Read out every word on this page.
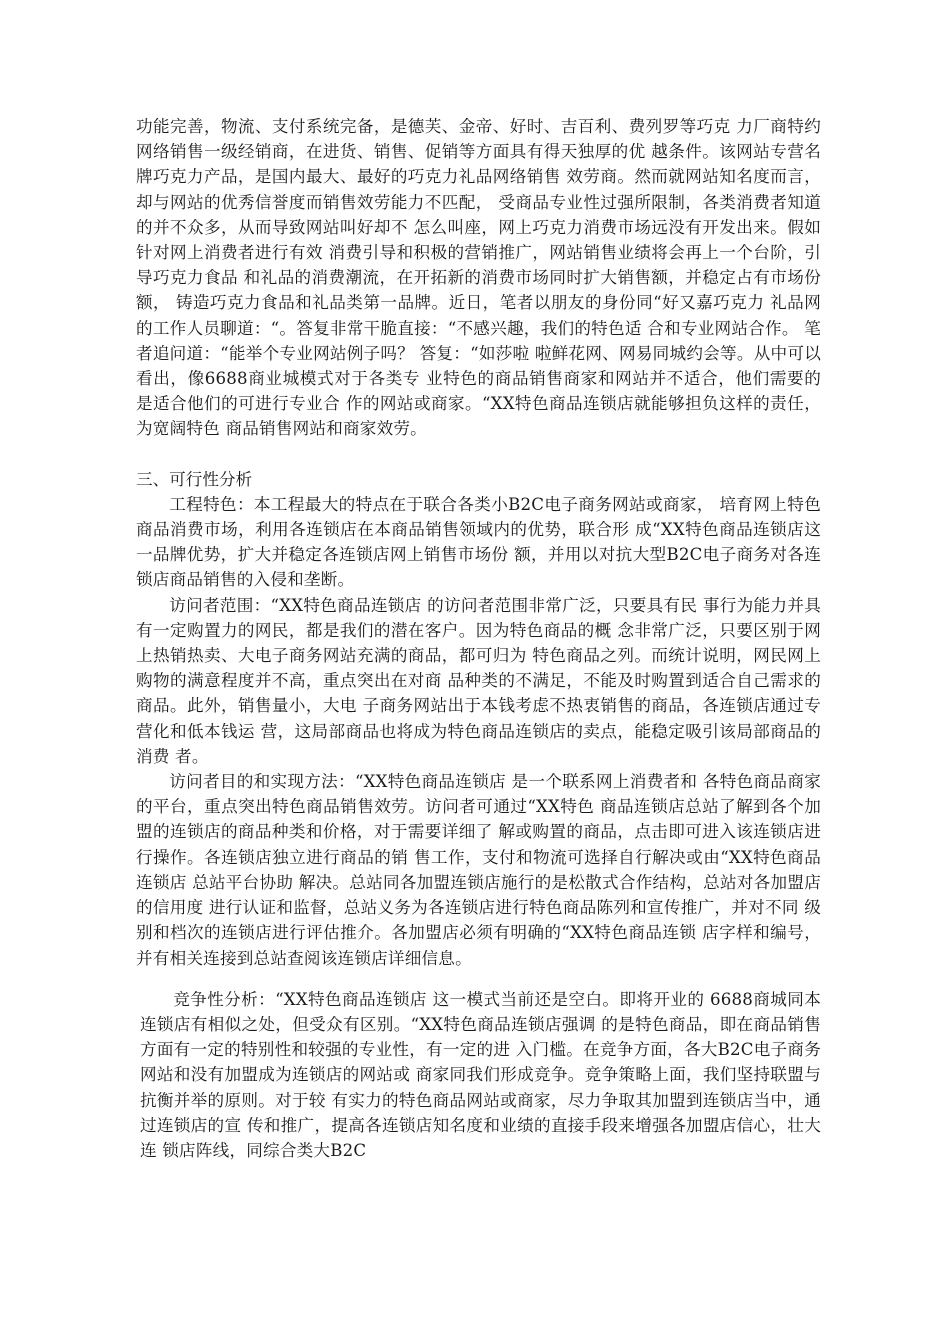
功能完善，物流、支付系统完备，是德芙、金帝、好时、吉百利、费列罗等巧克 力厂商特约网络销售一级经销商，在进货、销售、促销等方面具有得天独厚的优 越条件。该网站专营名牌巧克力产品，是国内最大、最好的巧克力礼品网络销售 效劳商。然而就网站知名度而言，却与网站的优秀信誉度而销售效劳能力不匹配， 受商品专业性过强所限制，各类消费者知道的并不众多，从而导致网站叫好却不 怎么叫座，网上巧克力消费市场远没有开发出来。假如针对网上消费者进行有效 消费引导和积极的营销推广，网站销售业绩将会再上一个台阶，引导巧克力食品 和礼品的消费潮流，在开拓新的消费市场同时扩大销售额，并稳定占有市场份额， 铸造巧克力食品和礼品类第一品牌。近日，笔者以朋友的身份同“好又嘉巧克力 礼品网 的工作人员聊道：“。答复非常干脆直接：“不感兴趣，我们的特色适 合和专业网站合作。 笔者追问道：“能举个专业网站例子吗？ 答复：“如莎啦 啦鲜花网、网易同城约会等。从中可以看出，像6688商业城模式对于各类专 业特色的商品销售商家和网站并不适合，他们需要的是适合他们的可进行专业合 作的网站或商家。“XX特色商品连锁店就能够担负这样的责任，为宽阔特色 商品销售网站和商家效劳。

三、可行性分析

工程特色：本工程最大的特点在于联合各类小B2C电子商务网站或商家， 培育网上特色商品消费市场，利用各连锁店在本商品销售领域内的优势，联合形 成“XX特色商品连锁店这一品牌优势，扩大并稳定各连锁店网上销售市场份 额，并用以对抗大型B2C电子商务对各连锁店商品销售的入侵和垄断。

访问者范围：“XX特色商品连锁店 的访问者范围非常广泛，只要具有民 事行为能力并具有一定购置力的网民，都是我们的潜在客户。因为特色商品的概 念非常广泛，只要区别于网上热销热卖、大电子商务网站充满的商品，都可归为 特色商品之列。而统计说明，网民网上购物的满意程度并不高，重点突出在对商 品种类的不满足，不能及时购置到适合自己需求的商品。此外，销售量小，大电 子商务网站出于本钱考虑不热衷销售的商品，各连锁店通过专营化和低本钱运 营，这局部商品也将成为特色商品连锁店的卖点，能稳定吸引该局部商品的消费 者。

访问者目的和实现方法：“XX特色商品连锁店 是一个联系网上消费者和 各特色商品商家的平台，重点突出特色商品销售效劳。访问者可通过“XX特色 商品连锁店总站了解到各个加盟的连锁店的商品种类和价格，对于需要详细了 解或购置的商品，点击即可进入该连锁店进行操作。各连锁店独立进行商品的销 售工作，支付和物流可选择自行解决或由“XX特色商品连锁店 总站平台协助 解决。总站同各加盟连锁店施行的是松散式合作结构，总站对各加盟店的信用度 进行认证和监督，总站义务为各连锁店进行特色商品陈列和宣传推广，并对不同 级别和档次的连锁店进行评估推介。各加盟店必须有明确的“XX特色商品连锁 店字样和编号，并有相关连接到总站查阅该连锁店详细信息。

竞争性分析：“XX特色商品连锁店 这一模式当前还是空白。即将开业的 6688商城同本连锁店有相似之处，但受众有区别。“XX特色商品连锁店强调 的是特色商品，即在商品销售方面有一定的特别性和较强的专业性，有一定的进 入门槛。在竞争方面，各大B2C电子商务网站和没有加盟成为连锁店的网站或 商家同我们形成竞争。竞争策略上面，我们坚持联盟与抗衡并举的原则。对于较 有实力的特色商品网站或商家，尽力争取其加盟到连锁店当中，通过连锁店的宣 传和推广，提高各连锁店知名度和业绩的直接手段来增强各加盟店信心，壮大连 锁店阵线，同综合类大B2C
